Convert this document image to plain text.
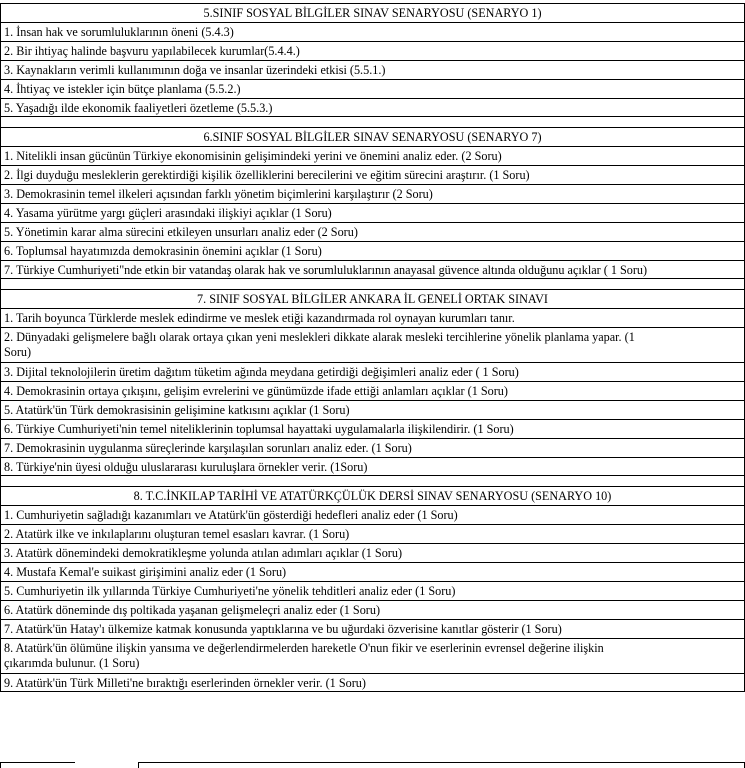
5.SINIF SOSYAL BİLGİLER SINAV SENARYOSU (SENARYO 1)
1. İnsan hak ve sorumluluklarının öneni (5.4.3)
2. Bir ihtiyaç halinde başvuru yapılabilecek kurumlar(5.4.4.)
3. Kaynakların verimli kullanımının doğa ve insanlar üzerindeki etkisi (5.5.1.)
4. İhtiyaç ve istekler için bütçe planlama (5.5.2.)
5. Yaşadığı ilde ekonomik faaliyetleri özetleme (5.5.3.)
6.SINIF SOSYAL BİLGİLER SINAV SENARYOSU (SENARYO 7)
1. Nitelikli insan gücünün Türkiye ekonomisinin gelişimindeki yerini ve önemini analiz eder. (2 Soru)
2. İlgi duyduğu mesleklerin gerektirdiği kişilik özelliklerini berecilerini ve eğitim sürecini araştırır. (1 Soru)
3. Demokrasinin temel ilkeleri açısından farklı yönetim biçimlerini karşılaştırır (2 Soru)
4. Yasama yürütme yargı güçleri arasındaki ilişkiyi açıklar (1 Soru)
5. Yönetimin karar alma sürecini etkileyen unsurları analiz eder (2 Soru)
6. Toplumsal hayatımızda demokrasinin önemini açıklar (1 Soru)
7. Türkiye Cumhuriyeti"nde etkin bir vatandaş olarak hak ve sorumluluklarının anayasal güvence altında olduğunu açıklar ( 1 Soru)
7. SINIF SOSYAL BİLGİLER ANKARA İL GENELİ ORTAK SINAVI
1. Tarih boyunca Türklerde meslek edindirme ve meslek etiği kazandırmada rol oynayan kurumları tanır.
2. Dünyadaki gelişmelere bağlı olarak ortaya çıkan yeni meslekleri dikkate alarak mesleki tercihlerine yönelik planlama yapar. (1 Soru)
3. Dijital teknolojilerin üretim dağıtım tüketim ağında meydana getirdiği değişimleri analiz eder ( 1 Soru)
4. Demokrasinin ortaya çıkışını, gelişim evrelerini ve günümüzde ifade ettiği anlamları açıklar (1 Soru)
5. Atatürk'ün Türk demokrasisinin gelişimine katkısını açıklar (1 Soru)
6. Türkiye Cumhuriyeti'nin temel niteliklerinin toplumsal hayattaki uygulamalarla ilişkilendirir. (1 Soru)
7. Demokrasinin uygulanma süreçlerinde karşılaşılan sorunları analiz eder. (1 Soru)
8. Türkiye'nin üyesi olduğu uluslararası kuruluşlara örnekler verir. (1Soru)
8. T.C.İNKILAP TARİHİ VE ATATÜRKÇÜLÜK DERSİ SINAV SENARYOSU (SENARYO 10)
1. Cumhuriyetin sağladığı kazanımları ve Atatürk'ün gösterdiği hedefleri analiz eder (1 Soru)
2. Atatürk ilke ve inkılaplarını oluşturan temel esasları kavrar. (1 Soru)
3. Atatürk dönemindeki demokratikleşme yolunda atılan adımları açıklar (1 Soru)
4. Mustafa Kemal'e suikast girişimini analiz eder (1 Soru)
5. Cumhuriyetin ilk yıllarında Türkiye Cumhuriyeti'ne yönelik tehditleri analiz eder (1 Soru)
6. Atatürk döneminde dış poltikada yaşanan gelişmeleçri analiz eder (1 Soru)
7. Atatürk'ün Hatay'ı ülkemize katmak konusunda yaptıklarına ve bu uğurdaki özverisine kanıtlar gösterir (1 Soru)
8. Atatürk'ün ölümüne ilişkin yansıma ve değerlendirmelerden hareketle O'nun fikir ve eserlerinin evrensel değerine ilişkin çıkarımda bulunur. (1 Soru)
9. Atatürk'ün Türk Milleti'ne bıraktığı eserlerinden örnekler verir. (1 Soru)
